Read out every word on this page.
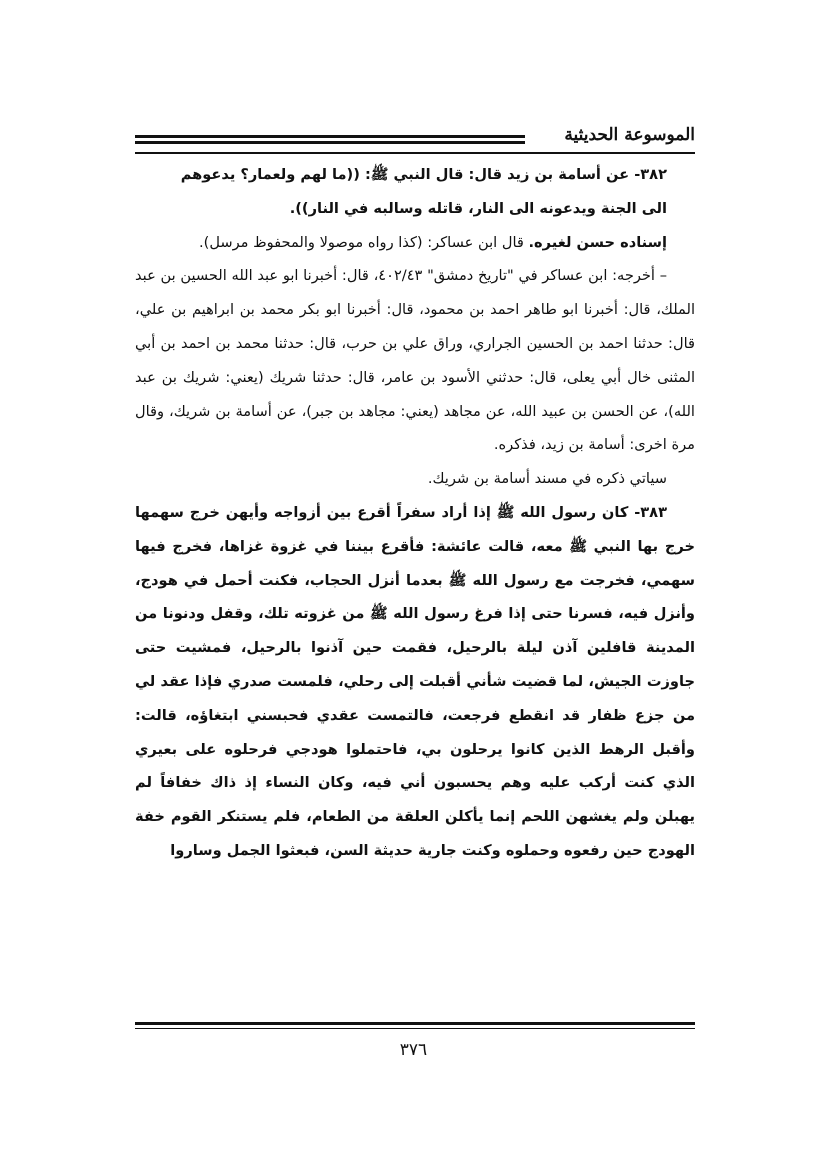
الموسوعة الحديثية

٣٨٢- عن أسامة بن زيد قال: قال النبي ﷺ: ((ما لهم ولعمار؟ يدعوهم

الى الجنة ويدعونه الى النار، قاتله وسالبه في النار)).

إسناده حسن لغيره. قال ابن عساكر: (كذا رواه موصولا والمحفوظ مرسل).

– أخرجه: ابن عساكر في "تاريخ دمشق" ٤٠٢/٤٣، قال: أخبرنا ابو عبد الله الحسين بن عبد الملك، قال: أخبرنا ابو طاهر احمد بن محمود، قال: أخبرنا ابو بكر محمد بن ابراهيم بن علي، قال: حدثنا احمد بن الحسين الجراري، وراق علي بن حرب، قال: حدثنا محمد بن احمد بن أبي المثنى خال أبي يعلى، قال: حدثني الأسود بن عامر، قال: حدثنا شريك (يعني: شريك بن عبد الله)، عن الحسن بن عبيد الله، عن مجاهد (يعني: مجاهد بن جبر)، عن أسامة بن شريك، وقال مرة اخرى: أسامة بن زيد، فذكره.

سياتي ذكره في مسند أسامة بن شريك.

٣٨٣- كان رسول الله ﷺ إذا أراد سفراً أقرع بين أزواجه وأيهن خرج سهمها خرج بها النبي ﷺ معه، قالت عائشة: فأقرع بيننا في غزوة غزاها، فخرج فيها سهمي، فخرجت مع رسول الله ﷺ بعدما أنزل الحجاب، فكنت أحمل في هودج، وأنزل فيه، فسرنا حتى إذا فرغ رسول الله ﷺ من غزوته تلك، وقفل ودنونا من المدينة قافلين آذن ليلة بالرحيل، فقمت حين آذنوا بالرحيل، فمشيت حتى جاوزت الجيش، لما قضيت شأني أقبلت إلى رحلي، فلمست صدري فإذا عقد لي من جزع ظفار قد انقطع فرجعت، فالتمست عقدي فحبسني ابتغاؤه، قالت: وأقبل الرهط الذين كانوا يرحلون بي، فاحتملوا هودجي فرحلوه على بعيري الذي كنت أركب عليه وهم يحسبون أني فيه، وكان النساء إذ ذاك خفافاً لم يهبلن ولم يغشهن اللحم إنما يأكلن العلقة من الطعام، فلم يستنكر القوم خفة الهودج حين رفعوه وحملوه وكنت جارية حديثة السن، فبعثوا الجمل وساروا

٣٧٦
